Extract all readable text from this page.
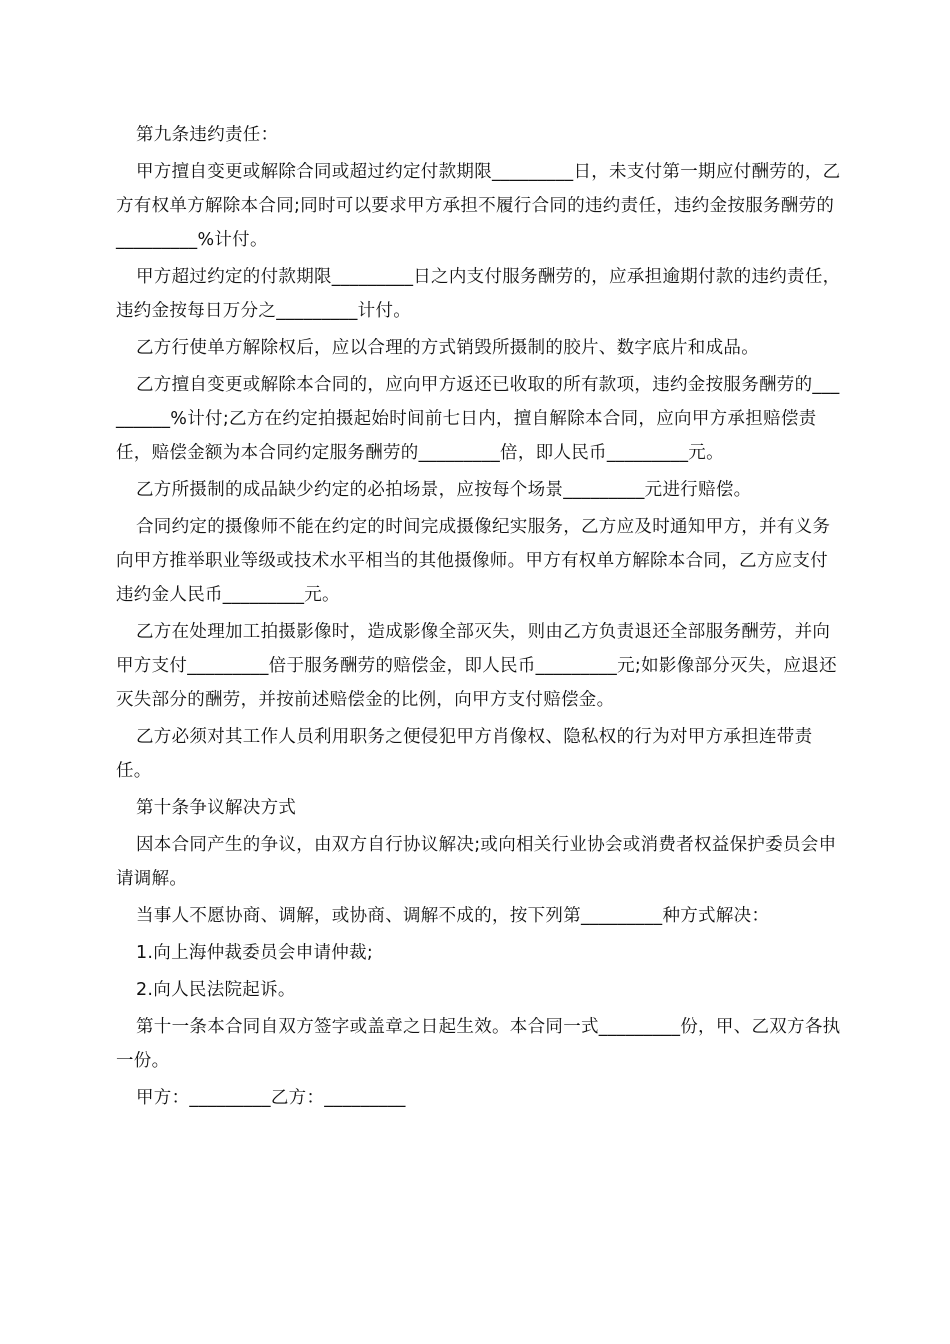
第九条违约责任：

甲方擅自变更或解除合同或超过约定付款期限_________日，未支付第一期应付酬劳的，乙方有权单方解除本合同;同时可以要求甲方承担不履行合同的违约责任，违约金按服务酬劳的_________%计付。

甲方超过约定的付款期限_________日之内支付服务酬劳的，应承担逾期付款的违约责任，违约金按每日万分之_________计付。

乙方行使单方解除权后，应以合理的方式销毁所摄制的胶片、数字底片和成品。

乙方擅自变更或解除本合同的，应向甲方返还已收取的所有款项，违约金按服务酬劳的_________%计付;乙方在约定拍摄起始时间前七日内，擅自解除本合同，应向甲方承担赔偿责任，赔偿金额为本合同约定服务酬劳的_________倍，即人民币_________元。

乙方所摄制的成品缺少约定的必拍场景，应按每个场景_________元进行赔偿。

合同约定的摄像师不能在约定的时间完成摄像纪实服务，乙方应及时通知甲方，并有义务向甲方推举职业等级或技术水平相当的其他摄像师。甲方有权单方解除本合同，乙方应支付违约金人民币_________元。

乙方在处理加工拍摄影像时，造成影像全部灭失，则由乙方负责退还全部服务酬劳，并向甲方支付_________倍于服务酬劳的赔偿金，即人民币_________元;如影像部分灭失，应退还灭失部分的酬劳，并按前述赔偿金的比例，向甲方支付赔偿金。

乙方必须对其工作人员利用职务之便侵犯甲方肖像权、隐私权的行为对甲方承担连带责任。

第十条争议解决方式

因本合同产生的争议，由双方自行协议解决;或向相关行业协会或消费者权益保护委员会申请调解。

当事人不愿协商、调解，或协商、调解不成的，按下列第_________种方式解决：

1.向上海仲裁委员会申请仲裁;

2.向人民法院起诉。

第十一条本合同自双方签字或盖章之日起生效。本合同一式_________份，甲、乙双方各执一份。

甲方：_________乙方：_________
